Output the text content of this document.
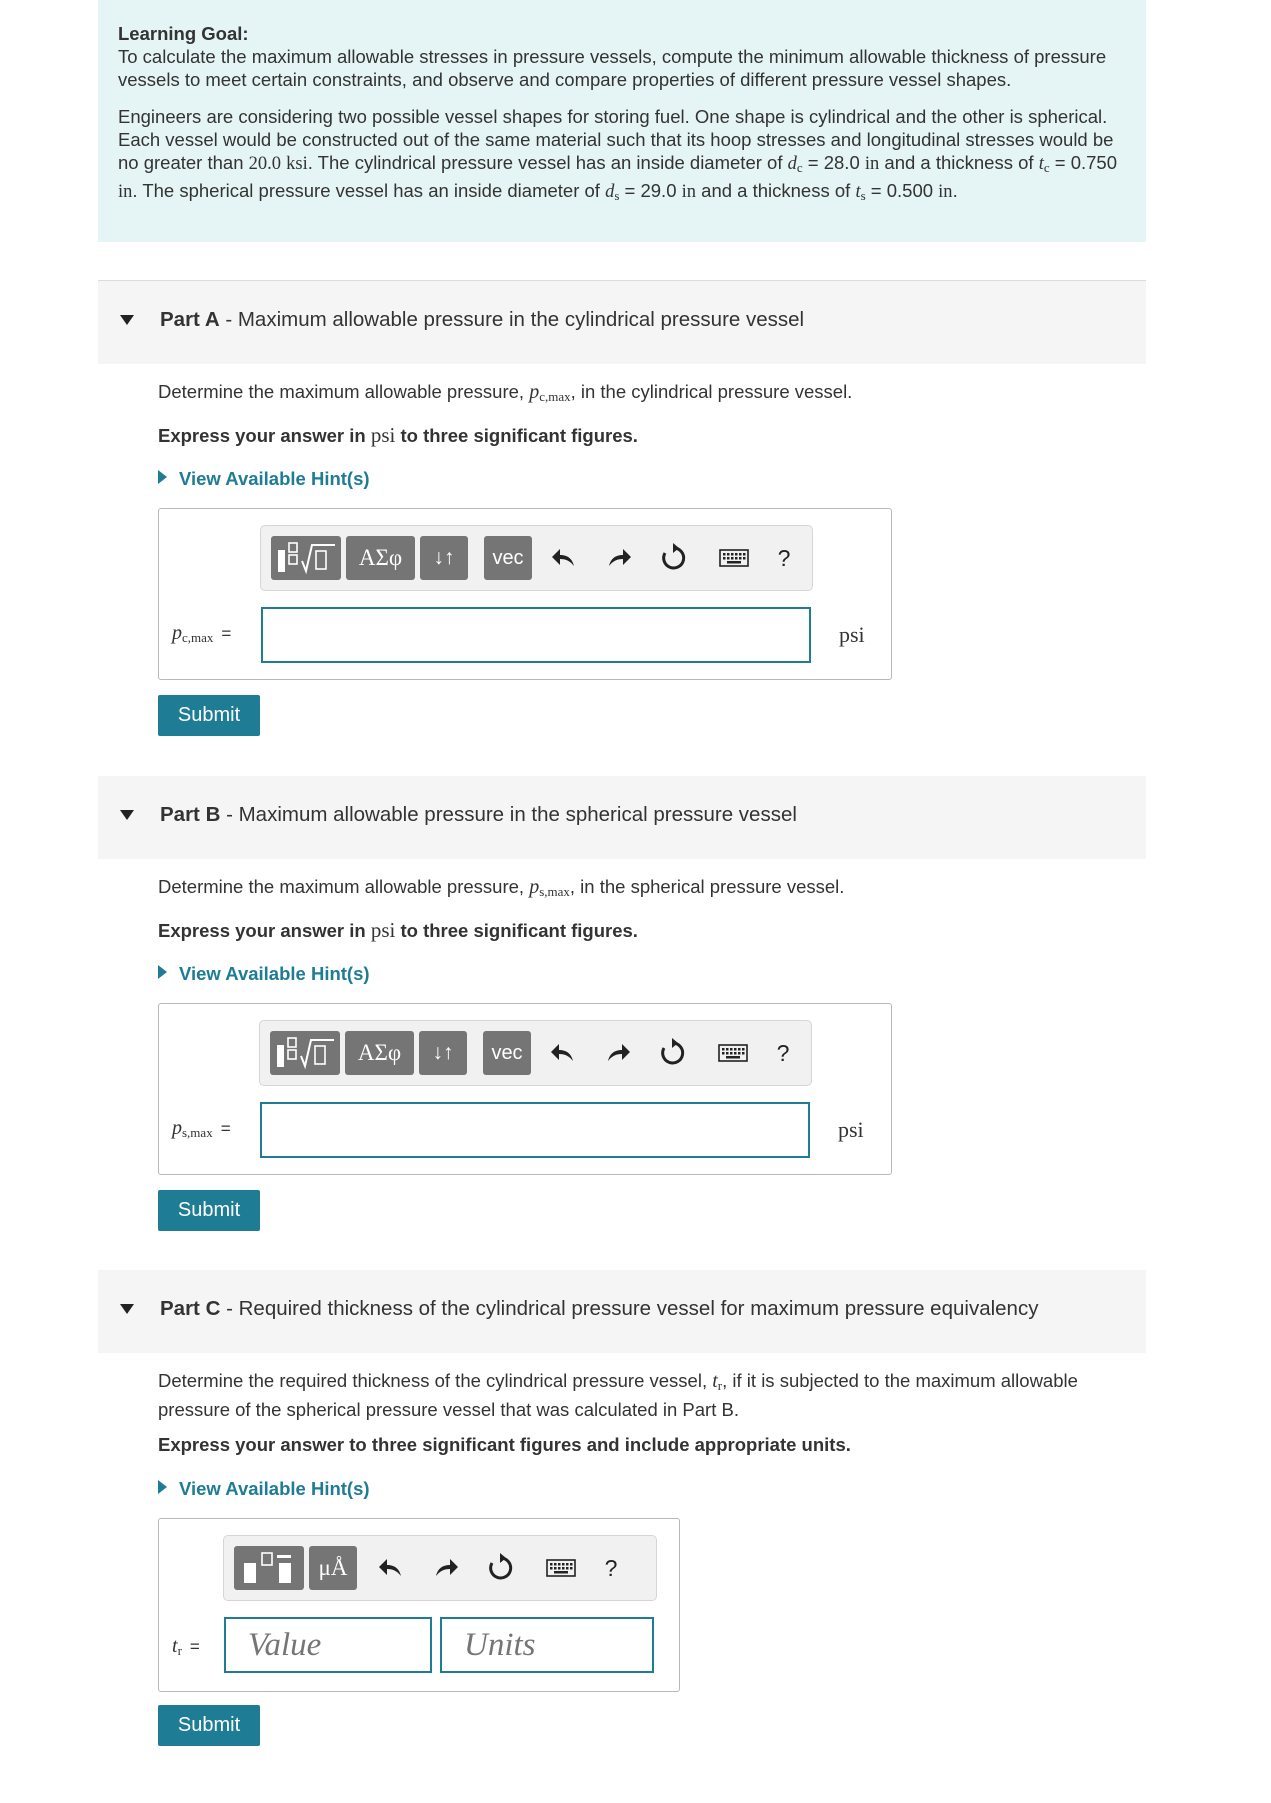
Learning Goal:

To calculate the maximum allowable stresses in pressure vessels, compute the minimum allowable thickness of pressure vessels to meet certain constraints, and observe and compare properties of different pressure vessel shapes.

Engineers are considering two possible vessel shapes for storing fuel. One shape is cylindrical and the other is spherical. Each vessel would be constructed out of the same material such that its hoop stresses and longitudinal stresses would be no greater than 20.0 ksi. The cylindrical pressure vessel has an inside diameter of $d_c = 28.0$ in and a thickness of $t_c = 0.750$ in. The spherical pressure vessel has an inside diameter of $d_s = 29.0$ in and a thickness of $t_s = 0.500$ in.

Part A - Maximum allowable pressure in the cylindrical pressure vessel
Determine the maximum allowable pressure, $p_{c,max}$, in the cylindrical pressure vessel.
Express your answer in psi to three significant figures.
View Available Hint(s)
ΑΣφ	↓↑	vec	?
$p_{c,max}$ =	psi
Submit
Part B - Maximum allowable pressure in the spherical pressure vessel
Determine the maximum allowable pressure, $p_{s,max}$, in the spherical pressure vessel.
Express your answer in psi to three significant figures.
View Available Hint(s)
ΑΣφ	↓↑	vec	?
$p_{s,max}$ =	psi
Submit
Part C - Required thickness of the cylindrical pressure vessel for maximum pressure equivalency
Determine the required thickness of the cylindrical pressure vessel, $t_r$, if it is subjected to the maximum allowable pressure of the spherical pressure vessel that was calculated in Part B.
Express your answer to three significant figures and include appropriate units.
View Available Hint(s)
μÅ	?
$t_r$ =
Value
Units
Submit
